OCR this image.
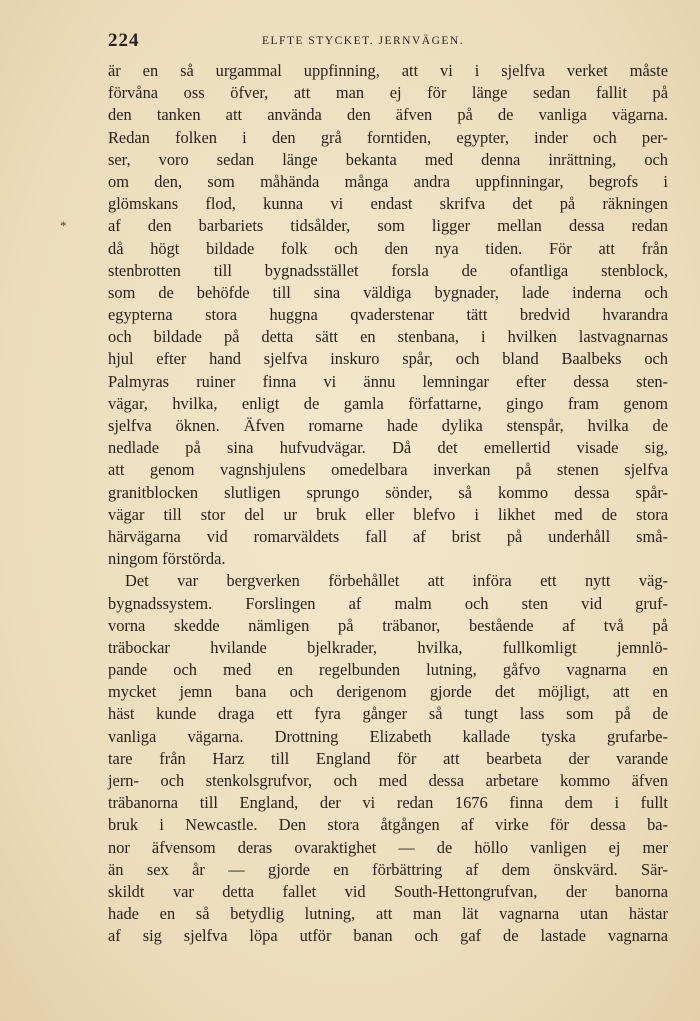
224	ELFTE STYCKET. JERNVÄGEN.
*
är en så urgammal uppfinning, att vi i sjelfva verket måste
förvåna oss öfver, att man ej för länge sedan fallit på
den tanken att använda den äfven på de vanliga vägarna.
Redan folken i den grå forntiden, egypter, inder och per-
ser, voro sedan länge bekanta med denna inrättning, och
om den, som måhända många andra uppfinningar, begrofs i
glömskans flod, kunna vi endast skrifva det på räkningen
af den barbariets tidsålder, som ligger mellan dessa redan
då högt bildade folk och den nya tiden. För att från
stenbrotten till bygnadsstället forsla de ofantliga stenblock,
som de behöfde till sina väldiga bygnader, lade inderna och
egypterna stora huggna qvaderstenar tätt bredvid hvarandra
och bildade på detta sätt en stenbana, i hvilken lastvagnarnas
hjul efter hand sjelfva inskuro spår, och bland Baalbeks och
Palmyras ruiner finna vi ännu lemningar efter dessa sten-
vägar, hvilka, enligt de gamla författarne, gingo fram genom
sjelfva öknen. Äfven romarne hade dylika stenspår, hvilka de
nedlade på sina hufvudvägar. Då det emellertid visade sig,
att genom vagnshjulens omedelbara inverkan på stenen sjelfva
granitblocken slutligen sprungo sönder, så kommo dessa spår-
vägar till stor del ur bruk eller blefvo i likhet med de stora
härvägarna vid romarväldets fall af brist på underhåll små-
ningom förstörda.
Det var bergverken förbehållet att införa ett nytt väg-
bygnadssystem. Forslingen af malm och sten vid gruf-
vorna skedde nämligen på träbanor, bestående af två på
träbockar hvilande bjelkrader, hvilka, fullkomligt jemnlö-
pande och med en regelbunden lutning, gåfvo vagnarna en
mycket jemn bana och derigenom gjorde det möjligt, att en
häst kunde draga ett fyra gånger så tungt lass som på de
vanliga vägarna. Drottning Elizabeth kallade tyska grufarbe-
tare från Harz till England för att bearbeta der varande
jern- och stenkolsgrufvor, och med dessa arbetare kommo äfven
träbanorna till England, der vi redan 1676 finna dem i fullt
bruk i Newcastle. Den stora åtgången af virke för dessa ba-
nor äfvensom deras ovaraktighet — de höllo vanligen ej mer
än sex år — gjorde en förbättring af dem önskvärd. Sär-
skildt var detta fallet vid South-Hettongrufvan, der banorna
hade en så betydlig lutning, att man lät vagnarna utan hästar
af sig sjelfva löpa utför banan och gaf de lastade vagnarna
